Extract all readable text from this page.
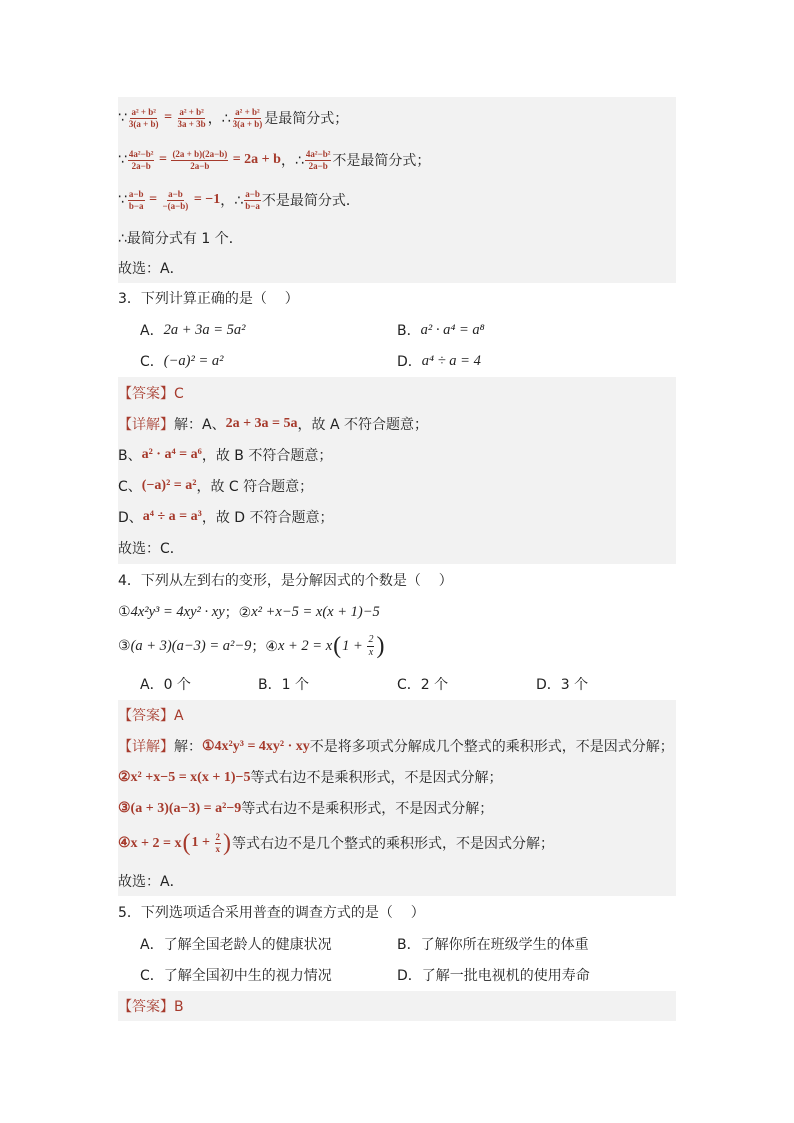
∵ $\frac{\text{a² + b²}}{3(a + b)} = \frac{\text{a² + b²}}{3a + 3b}$ ，∴ $\frac{\text{a² + b²}}{3(a + b)}$ 是最简分式；
∵ $\frac{\text{4a²−b²}}{2a-b} = \frac{(2a + b)(2a-b)}{2a-b} = 2a + b$ ，∴ $\frac{\text{4a²−b²}}{2a-b}$ 不是最简分式；
∵ $\frac{a-b}{b-a} = \frac{a-b}{-(a-b)} = -1$ ，∴ $\frac{a-b}{b-a}$ 不是最简分式．
∴最简分式有 1 个．
故选：A．
3．下列计算正确的是（    ）
A． 2a + 3a = 5a²	B． a² · a⁴ = a⁸
C． (−a)² = a²	D． a⁴ ÷ a = 4
【答案】C
【详解】 解：A、 2a + 3a = 5a ，故 A 不符合题意；
B、 a² · a⁴ = a⁶ ，故 B 不符合题意；
C、 (−a)² = a² ，故 C 符合题意；
D、 a⁴ ÷ a = a³ ，故 D 不符合题意；
故选：C．
4．下列从左到右的变形，是分解因式的个数是（    ）
① 4x²y³ = 4xy² · xy ；② x² +x−5 = x(x + 1)−5
③ (a + 3)(a−3) = a²−9 ；④ x + 2 = x ( $1 + \frac{2}{x}$ )
A．0 个	B．1 个	C．2 个	D．3 个
【答案】A
【详解】 解： ①4x²y³ = 4xy² · xy 不是将多项式分解成几个整式的乘积形式，不是因式分解；
②x² +x−5 = x(x + 1)−5 等式右边不是乘积形式，不是因式分解；
③(a + 3)(a−3) = a²−9 等式右边不是乘积形式，不是因式分解；
④x + 2 = x ( $1 + \frac{2}{x}$ ) 等式右边不是几个整式的乘积形式，不是因式分解；
故选：A．
5．下列选项适合采用普查的调查方式的是（    ）
A．了解全国老龄人的健康状况	B．了解你所在班级学生的体重
C．了解全国初中生的视力情况	D．了解一批电视机的使用寿命
【答案】B
